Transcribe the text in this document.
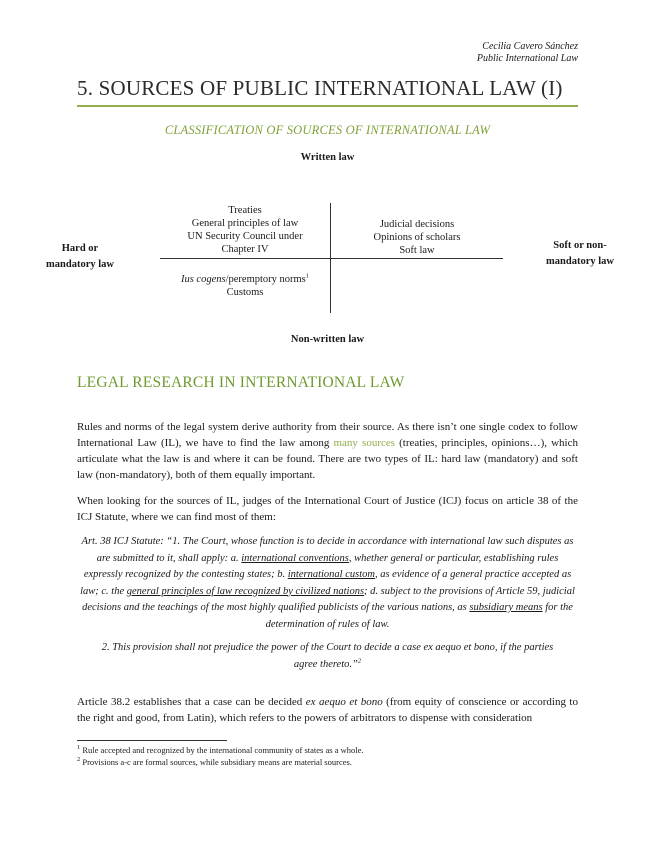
Cecilia Cavero Sánchez
Public International Law
5. SOURCES OF PUBLIC INTERNATIONAL LAW (I)
CLASSIFICATION OF SOURCES OF INTERNATIONAL LAW
Written law
Treaties
General principles of law
UN Security Council under
Chapter IV
Judicial decisions
Opinions of scholars
Soft law
Ius cogens/peremptory norms$^1$
Customs
Hard or
mandatory law
Soft or non-
mandatory law
Non-written law
LEGAL RESEARCH IN INTERNATIONAL LAW
Rules and norms of the legal system derive authority from their source. As there isn’t one single codex to follow International Law (IL), we have to find the law among many sources (treaties, principles, opinions…), which articulate what the law is and where it can be found. There are two types of IL: hard law (mandatory) and soft law (non-mandatory), both of them equally important.
When looking for the sources of IL, judges of the International Court of Justice (ICJ) focus on article 38 of the ICJ Statute, where we can find most of them:
Art. 38 ICJ Statute: “1. The Court, whose function is to decide in accordance with international law such disputes as are submitted to it, shall apply: a. international conventions, whether general or particular, establishing rules expressly recognized by the contesting states; b. international custom, as evidence of a general practice accepted as law; c. the general principles of law recognized by civilized nations; d. subject to the provisions of Article 59, judicial decisions and the teachings of the most highly qualified publicists of the various nations, as subsidiary means for the determination of rules of law.
2. This provision shall not prejudice the power of the Court to decide a case ex aequo et bono, if the parties agree thereto.”$^2$
Article 38.2 establishes that a case can be decided ex aequo et bono (from equity of conscience or according to the right and good, from Latin), which refers to the powers of arbitrators to dispense with consideration
$^1$ Rule accepted and recognized by the international community of states as a whole.
$^2$ Provisions a-c are formal sources, while subsidiary means are material sources.
